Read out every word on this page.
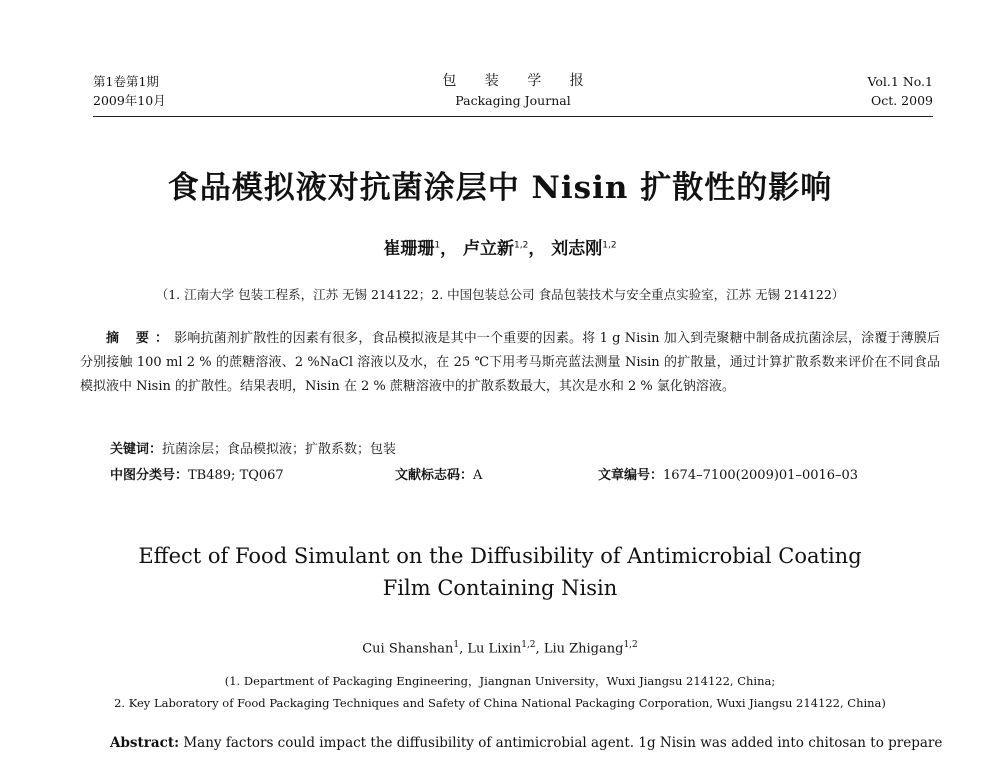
第1卷第1期
2009年10月
包 装 学 报
Packaging Journal
Vol.1 No.1
Oct. 2009
食品模拟液对抗菌涂层中 Nisin 扩散性的影响
崔珊珊$^1$， 卢立新$^{1,2}$， 刘志刚$^{1,2}$
（1. 江南大学 包装工程系，江苏 无锡 214122；2. 中国包装总公司 食品包装技术与安全重点实验室，江苏 无锡 214122）
摘 要：影响抗菌剂扩散性的因素有很多，食品模拟液是其中一个重要的因素。将 1 g Nisin 加入到壳聚糖中制备成抗菌涂层，涂覆于薄膜后分别接触 100 ml 2 % 的蔗糖溶液、2 %NaCl 溶液以及水，在 25 ℃下用考马斯亮蓝法测量 Nisin 的扩散量，通过计算扩散系数来评价在不同食品模拟液中 Nisin 的扩散性。结果表明，Nisin 在 2 % 蔗糖溶液中的扩散系数最大，其次是水和 2 % 氯化钠溶液。
关键词：抗菌涂层；食品模拟液；扩散系数；包装
中图分类号：TB489; TQ067	文献标志码：A	文章编号：1674–7100(2009)01–0016–03
Effect of Food Simulant on the Diffusibility of Antimicrobial Coating
Film Containing Nisin
Cui Shanshan$^1$, Lu Lixin$^{1,2}$, Liu Zhigang$^{1,2}$
(1. Department of Packaging Engineering，Jiangnan University，Wuxi Jiangsu 214122, China;
2. Key Laboratory of Food Packaging Techniques and Safety of China National Packaging Corporation, Wuxi Jiangsu 214122, China)
Abstract: Many factors could impact the diffusibility of antimicrobial agent. 1g Nisin was added into chitosan to prepare
